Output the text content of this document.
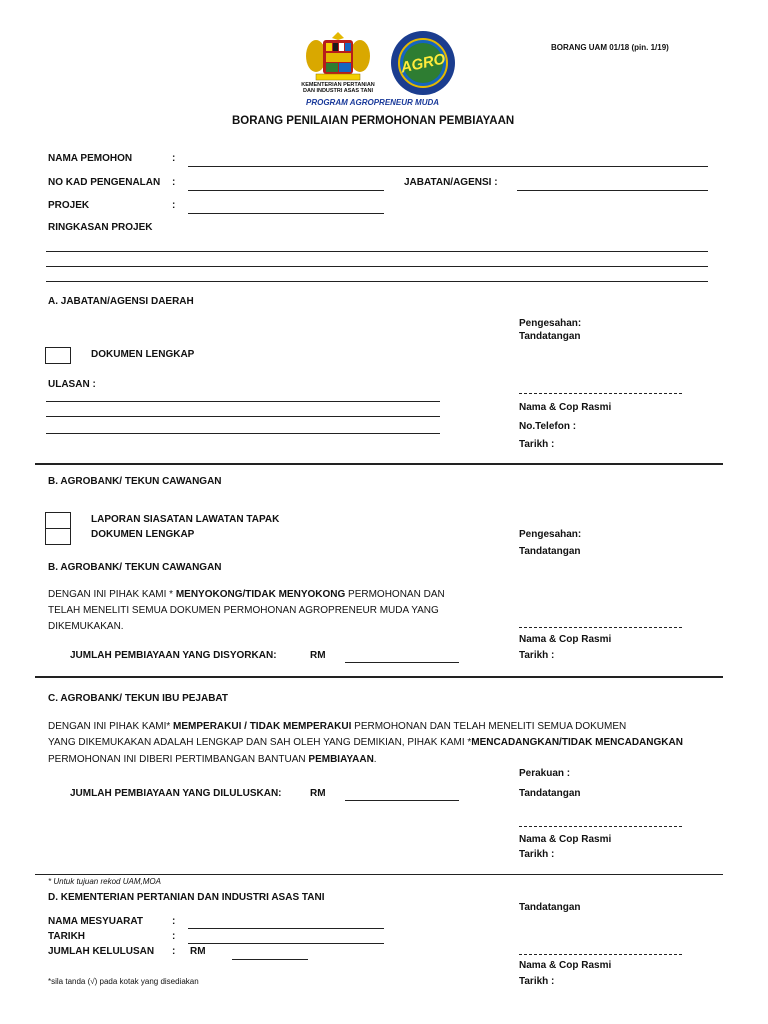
KEMENTERIAN PERTANIAN
DAN INDUSTRI ASAS TANI
AGRO
PROGRAM AGROPRENEUR MUDA
BORANG UAM 01/18 (pin. 1/19)
BORANG PENILAIAN PERMOHONAN PEMBIAYAAN
NAMA PEMOHON	:
NO KAD PENGENALAN :	JABATAN/AGENSI :
PROJEK	:
RINGKASAN PROJEK
A. JABATAN/AGENSI DAERAH
Pengesahan:
Tandatangan
DOKUMEN LENGKAP
ULASAN :
Nama & Cop Rasmi
No.Telefon :
Tarikh :
B. AGROBANK/ TEKUN CAWANGAN
LAPORAN SIASATAN LAWATAN TAPAK
DOKUMEN LENGKAP	Pengesahan:
Tandatangan
B. AGROBANK/ TEKUN CAWANGAN
DENGAN INI PIHAK KAMI * MENYOKONG/TIDAK MENYOKONG PERMOHONAN DAN
TELAH MENELITI SEMUA DOKUMEN PERMOHONAN AGROPRENEUR MUDA YANG
DIKEMUKAKAN.
Nama & Cop Rasmi
JUMLAH PEMBIAYAAN YANG DISYORKAN:	RM	Tarikh :
C. AGROBANK/ TEKUN IBU PEJABAT
DENGAN INI PIHAK KAMI* MEMPERAKUI / TIDAK MEMPERAKUI PERMOHONAN DAN TELAH MENELITI SEMUA DOKUMEN
YANG DIKEMUKAKAN ADALAH LENGKAP DAN SAH OLEH YANG DEMIKIAN, PIHAK KAMI *MENCADANGKAN/TIDAK MENCADANGKAN
PERMOHONAN INI DIBERI PERTIMBANGAN BANTUAN PEMBIAYAAN.
Perakuan :
JUMLAH PEMBIAYAAN YANG DILULUSKAN:	RM	Tandatangan
Nama & Cop Rasmi
Tarikh :
* Untuk tujuan rekod UAM,MOA
D. KEMENTERIAN PERTANIAN DAN INDUSTRI ASAS TANI
Tandatangan
NAMA MESYUARAT	:
TARIKH	:
JUMLAH KELULUSAN : RM
Nama & Cop Rasmi
Tarikh :
*sila tanda (√) pada kotak yang disediakan
